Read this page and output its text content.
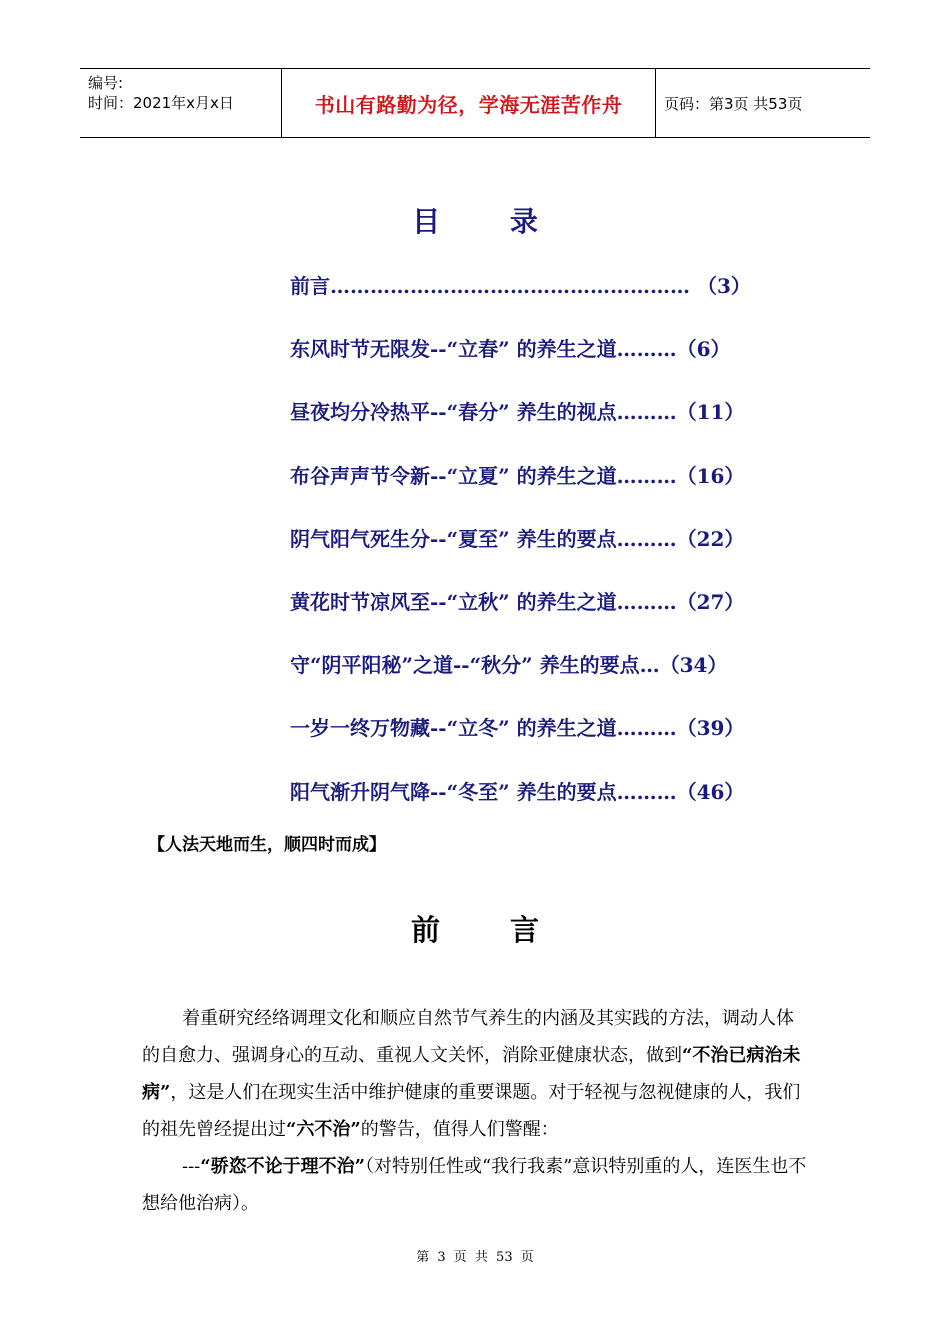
编号:
时间：2021年x月x日	书山有路勤为径，学海无涯苦作舟	页码：第3页 共53页
目 录
前言……………………………………………… （3）
东风时节无限发--“立春” 的养生之道………（6）
昼夜均分冷热平--“春分” 养生的视点………（11）
布谷声声节令新--“立夏” 的养生之道………（16）
阴气阳气死生分--“夏至” 养生的要点………（22）
黄花时节凉风至--“立秋” 的养生之道………（27）
守“阴平阳秘”之道--“秋分” 养生的要点…（34）
一岁一终万物藏--“立冬” 的养生之道………（39）
阳气渐升阴气降--“冬至” 养生的要点………（46）
【人法天地而生，顺四时而成】
前 言

着重研究经络调理文化和顺应自然节气养生的内涵及其实践的方法，调动人体的自愈力、强调身心的互动、重视人文关怀，消除亚健康状态，做到“不治已病治未病”，这是人们在现实生活中维护健康的重要课题。对于轻视与忽视健康的人，我们的祖先曾经提出过“六不治”的警告，值得人们警醒：

---“骄恣不论于理不治”（对特别任性或“我行我素”意识特别重的人，连医生也不想给他治病）。

第 3 页 共 53 页
